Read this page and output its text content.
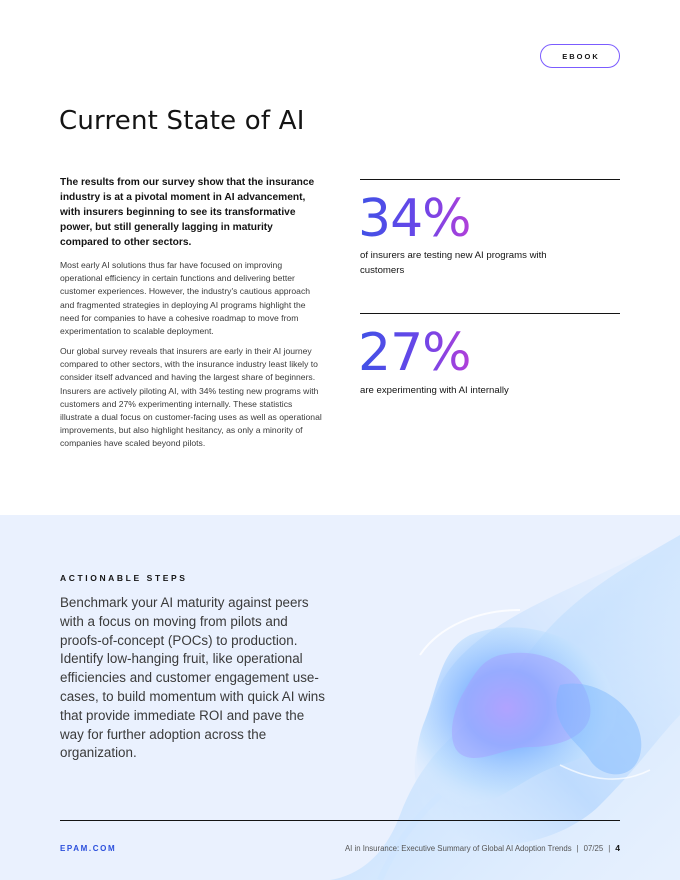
EBOOK
Current State of AI

The results from our survey show that the insurance industry is at a pivotal moment in AI advancement, with insurers beginning to see its transformative power, but still generally lagging in maturity compared to other sectors.

Most early AI solutions thus far have focused on improving operational efficiency in certain functions and delivering better customer experiences. However, the industry's cautious approach and fragmented strategies in deploying AI programs highlight the need for companies to have a cohesive roadmap to move from experimentation to scalable deployment.

Our global survey reveals that insurers are early in their AI journey compared to other sectors, with the insurance industry least likely to consider itself advanced and having the largest share of beginners. Insurers are actively piloting AI, with 34% testing new programs with customers and 27% experimenting internally. These statistics illustrate a dual focus on customer-facing uses as well as operational improvements, but also highlight hesitancy, as only a minority of companies have scaled beyond pilots.

34%
of insurers are testing new AI programs with customers
27%
are experimenting with AI internally
ACTIONABLE STEPS

Benchmark your AI maturity against peers with a focus on moving from pilots and proofs-of-concept (POCs) to production. Identify low-hanging fruit, like operational efficiencies and customer engagement use-cases, to build momentum with quick AI wins that provide immediate ROI and pave the way for further adoption across the organization.

EPAM.COM	AI in Insurance: Executive Summary of Global AI Adoption Trends | 07/25 | 4
